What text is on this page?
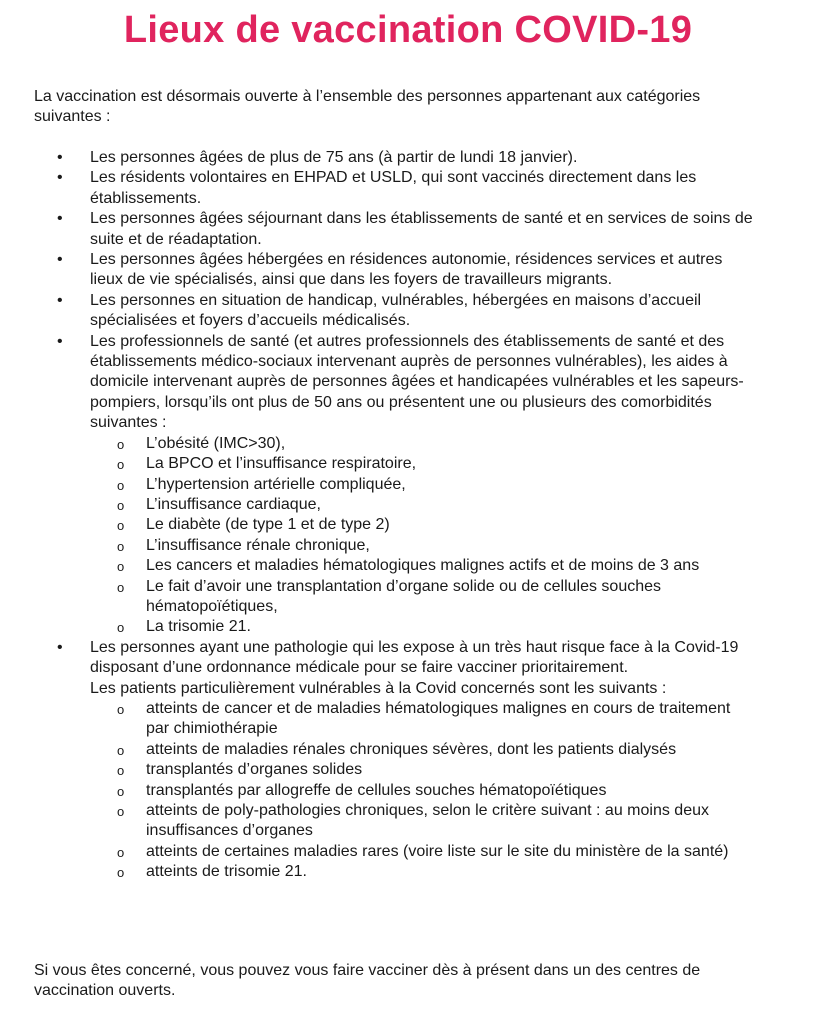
Lieux de vaccination COVID-19

La vaccination est désormais ouverte à l’ensemble des personnes appartenant aux catégories suivantes :

• Les personnes âgées de plus de 75 ans (à partir de lundi 18 janvier).
• Les résidents volontaires en EHPAD et USLD, qui sont vaccinés directement dans les établissements.
• Les personnes âgées séjournant dans les établissements de santé et en services de soins de suite et de réadaptation.
• Les personnes âgées hébergées en résidences autonomie, résidences services et autres lieux de vie spécialisés, ainsi que dans les foyers de travailleurs migrants.
• Les personnes en situation de handicap, vulnérables, hébergées en maisons d’accueil spécialisées et foyers d’accueils médicalisés.
• Les professionnels de santé (et autres professionnels des établissements de santé et des établissements médico-sociaux intervenant auprès de personnes vulnérables), les aides à domicile intervenant auprès de personnes âgées et handicapées vulnérables et les sapeurs-pompiers, lorsqu’ils ont plus de 50 ans ou présentent une ou plusieurs des comorbidités suivantes :
o L’obésité (IMC>30),
o La BPCO et l’insuffisance respiratoire,
o L’hypertension artérielle compliquée,
o L’insuffisance cardiaque,
o Le diabète (de type 1 et de type 2)
o L’insuffisance rénale chronique,
o Les cancers et maladies hématologiques malignes actifs et de moins de 3 ans
o Le fait d’avoir une transplantation d’organe solide ou de cellules souches hématopoïétiques,
o La trisomie 21.
• Les personnes ayant une pathologie qui les expose à un très haut risque face à la Covid-19 disposant d’une ordonnance médicale pour se faire vacciner prioritairement.
Les patients particulièrement vulnérables à la Covid concernés sont les suivants :
o atteints de cancer et de maladies hématologiques malignes en cours de traitement par chimiothérapie
o atteints de maladies rénales chroniques sévères, dont les patients dialysés
o transplantés d’organes solides
o transplantés par allogreffe de cellules souches hématopoïétiques
o atteints de poly-pathologies chroniques, selon le critère suivant : au moins deux insuffisances d’organes
o atteints de certaines maladies rares (voire liste sur le site du ministère de la santé)
o atteints de trisomie 21.

Si vous êtes concerné, vous pouvez vous faire vacciner dès à présent dans un des centres de vaccination ouverts.
